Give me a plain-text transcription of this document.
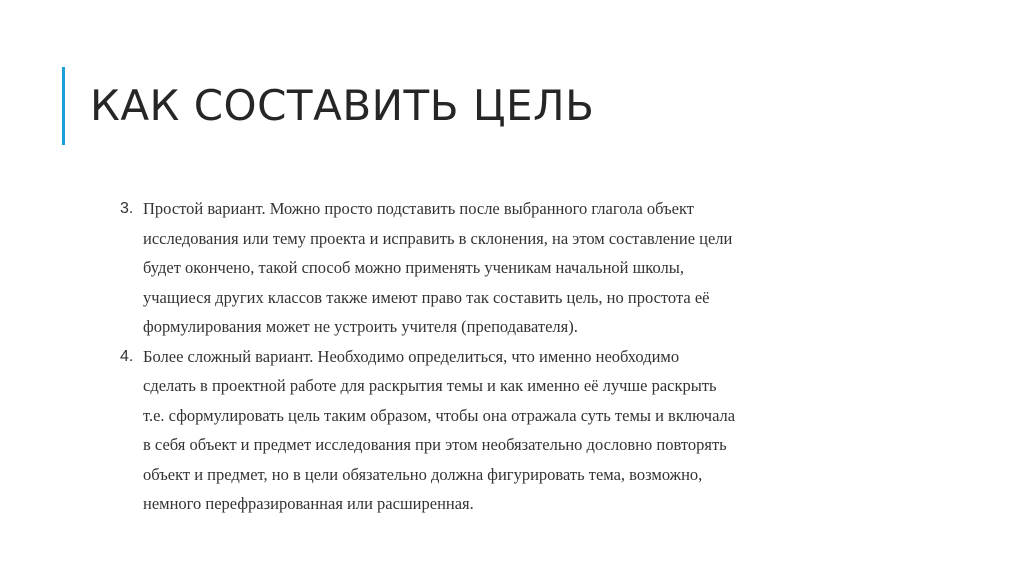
КАК СОСТАВИТЬ ЦЕЛЬ
3. Простой вариант. Можно просто подставить после выбранного глагола объект
исследования или тему проекта и исправить в склонения, на этом составление цели
будет окончено, такой способ можно применять ученикам начальной школы,
учащиеся других классов также имеют право так составить цель, но простота её
формулирования может не устроить учителя (преподавателя).
4. Более сложный вариант. Необходимо определиться, что именно необходимо
сделать в проектной работе для раскрытия темы и как именно её лучше раскрыть
т.е. сформулировать цель таким образом, чтобы она отражала суть темы и включала
в себя объект и предмет исследования при этом необязательно дословно повторять
объект и предмет, но в цели обязательно должна фигурировать тема, возможно,
немного перефразированная или расширенная.
